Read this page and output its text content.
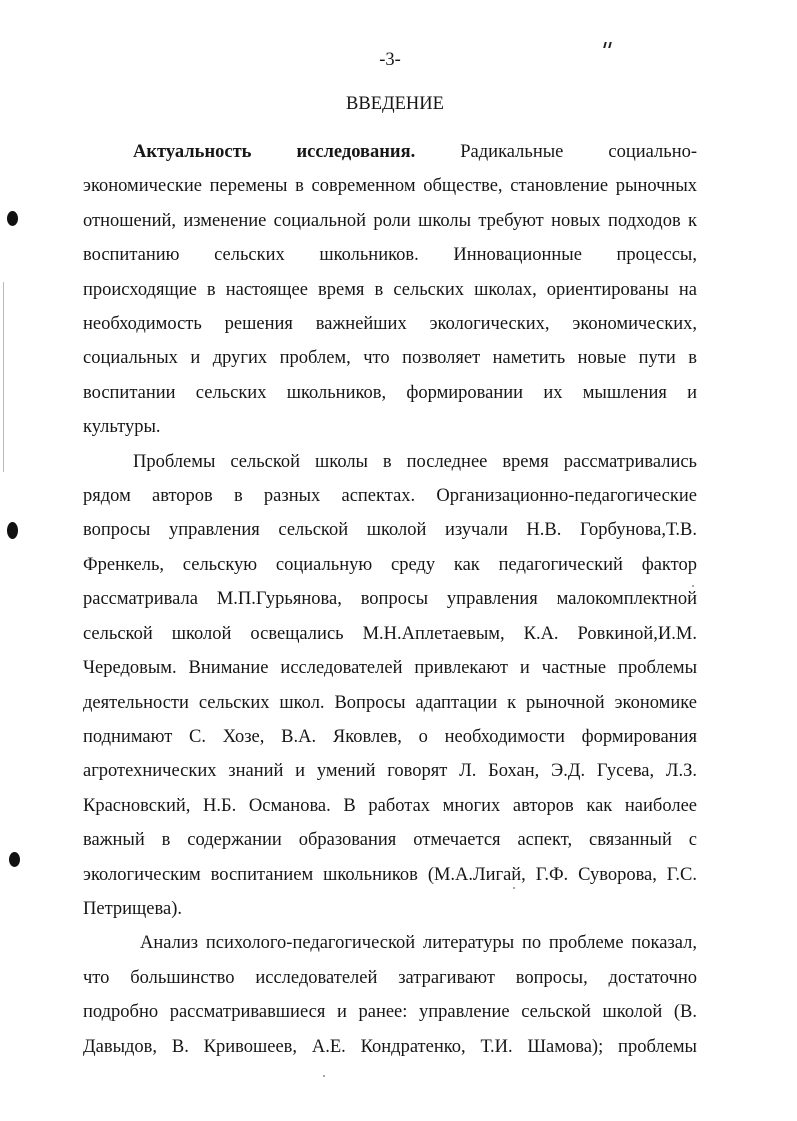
-3-
ВВЕДЕНИЕ
Актуальность исследования. Радикальные социально-
экономические перемены в современном обществе, становление рыночных
отношений, изменение социальной роли школы требуют новых подходов к
воспитанию сельских школьников. Инновационные процессы,
происходящие в настоящее время в сельских школах, ориентированы на
необходимость решения важнейших экологических, экономических,
социальных и других проблем, что позволяет наметить новые пути в
воспитании сельских школьников, формировании их мышления и
культуры.
Проблемы сельской школы в последнее время рассматривались
рядом авторов в разных аспектах. Организационно-педагогические
вопросы управления сельской школой изучали Н.В. Горбунова,Т.В.
Френкель, сельскую социальную среду как педагогический фактор
рассматривала М.П.Гурьянова, вопросы управления малокомплектной
сельской школой освещались М.Н.Аплетаевым, К.А. Ровкиной,И.М.
Чередовым. Внимание исследователей привлекают и частные проблемы
деятельности сельских школ. Вопросы адаптации к рыночной экономике
поднимают С. Хозе, В.А. Яковлев, о необходимости формирования
агротехнических знаний и умений говорят Л. Бохан, Э.Д. Гусева, Л.З.
Красновский, Н.Б. Османова. В работах многих авторов как наиболее
важный в содержании образования отмечается аспект, связанный с
экологическим воспитанием школьников (М.А.Лигай, Г.Ф. Суворова, Г.С.
Петрищева).
Анализ психолого-педагогической литературы по проблеме показал,
что большинство исследователей затрагивают вопросы, достаточно
подробно рассматривавшиеся и ранее: управление сельской школой (В.
Давыдов, В. Кривошеев, А.Е. Кондратенко, Т.И. Шамова); проблемы
